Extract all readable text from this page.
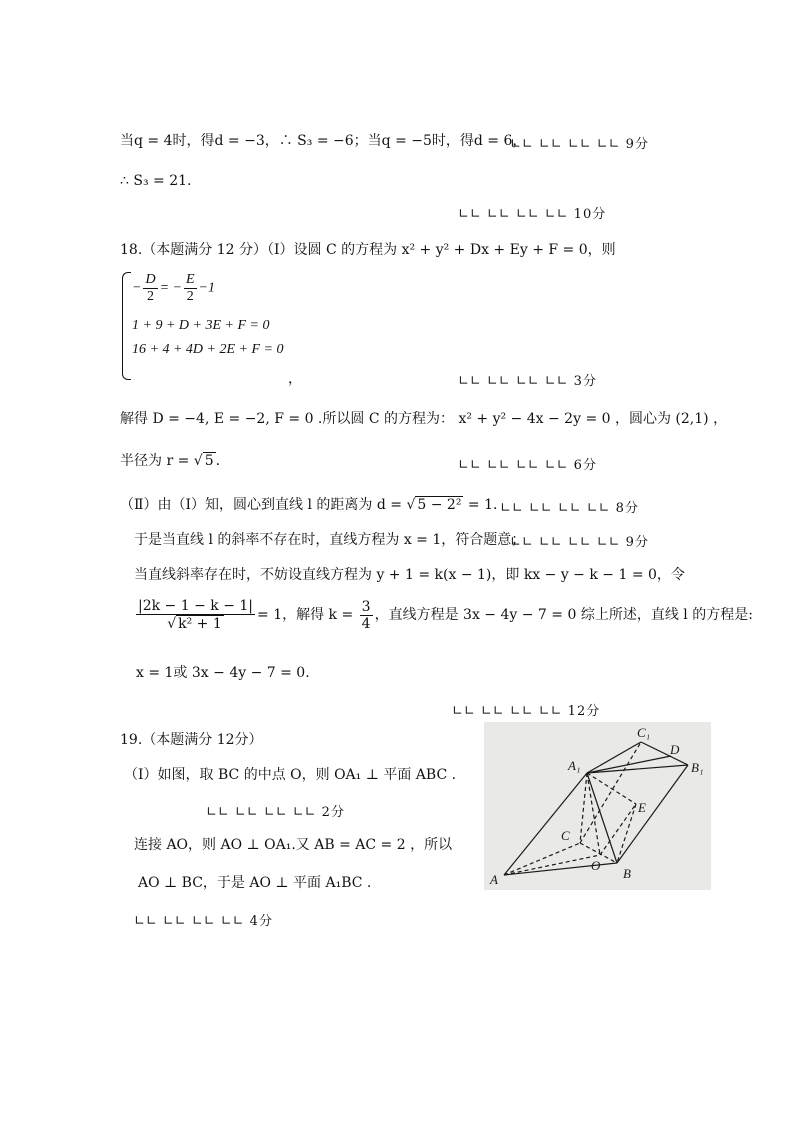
当q = 4时，得d = −3，∴ S₃ = −6；当q = −5时，得d = 6，
∟∟ ∟∟ ∟∟ ∟∟ 9分
∴ S₃ = 21.
∟∟ ∟∟ ∟∟ ∟∟ 10分
18.（本题满分 12 分）（Ⅰ）设圆 C 的方程为 x² + y² + Dx + Ey + F = 0，则
− $\frac{D}{2}$ = − $\frac{E}{2} -1$
1 + 9 + D + 3E + F = 0
16 + 4 + 4D + 2E + F = 0
，	∟∟ ∟∟ ∟∟ ∟∟ 3分
解得 D = −4, E = −2, F = 0 .所以圆 C 的方程为： x² + y² − 4x − 2y = 0 ，圆心为 (2,1) ，
半径为 r = √ 5 .	∟∟ ∟∟ ∟∟ ∟∟ 6分
（Ⅱ）由（Ⅰ）知，圆心到直线 l 的距离为 d = √ 5 − 2² = 1. ∟∟ ∟∟ ∟∟ ∟∟ 8分
于是当直线 l 的斜率不存在时，直线方程为 x = 1，符合题意；
∟∟ ∟∟ ∟∟ ∟∟ 9分
当直线斜率存在时，不妨设直线方程为 y + 1 = k(x − 1)，即 kx − y − k − 1 = 0，令
$\frac{|2k - 1 - k - 1|}{\text{√ k² + 1}} = 1$，解得 $k = \frac{3}{4}$ ，直线方程是 3x − 4y − 7 = 0 综上所述，直线 l 的方程是:
x = 1或 3x − 4y − 7 = 0.
∟∟ ∟∟ ∟∟ ∟∟ 12分
19.（本题满分 12分）
（Ⅰ）如图，取 BC 的中点 O，则 OA₁ ⊥ 平面 ABC .
∟∟ ∟∟ ∟∟ ∟∟ 2分
连接 AO，则 AO ⊥ OA₁.又 AB = AC = 2 ，所以
AO ⊥ BC，于是 AO ⊥ 平面 A₁BC .
∟∟ ∟∟ ∟∟ ∟∟ 4分
A	B
C
A₁	B₁
C₁
D
E
O
